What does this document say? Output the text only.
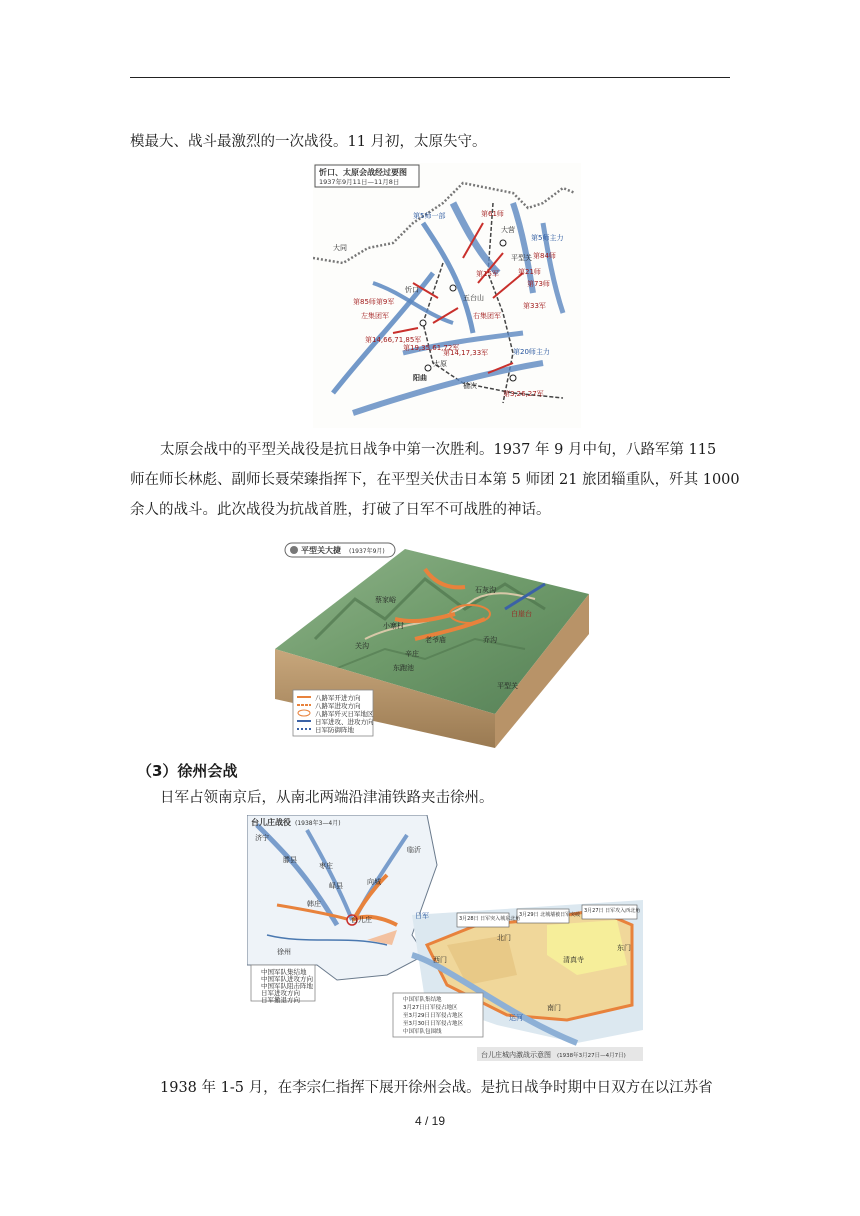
模最大、战斗最激烈的一次战役。11 月初，太原失守。
忻口、太原会战经过要图
1937年9月11日—11月8日
第5师一部	第61师
第5师主力
大营
平型关 第84师
第15军	第21师
第73师
第85师第9军	五台山
第33军
左集团军	右集团军
第14,66,71,85军
第19,35,61,72军
第14,17,33军	第20师主力
阳曲
第3,26,27军
忻口
太原
大同
榆次
太原会战中的平型关战役是抗日战争中第一次胜利。1937 年 9 月中旬，八路军第 115
师在师长林彪、副师长聂荣臻指挥下，在平型关伏击日本第 5 师团 21 旅团辎重队，歼其 1000
余人的战斗。此次战役为抗战首胜，打破了日军不可战胜的神话。
平型关大捷 (1937年9月)
蔡家峪
石灰沟
小寨村
老爷庙	乔沟
关沟
辛庄
东跑池
平型关
白崖台
八路军开进方向
八路军进攻方向
八路军歼灭日军地区
日军进攻、进攻方向
日军防御阵地
（3）徐州会战
日军占领南京后，从南北两端沿津浦铁路夹击徐州。
台儿庄战役 (1938年3—4月)
济宁
临沂
峄县
枣庄
台儿庄
徐州
韩庄
向城
滕县
中国军队集结地
中国军队进攻方向
中国军队阻击阵地
日军进攻方向
日军撤退方向
3月28日 日军突入城东北角
3月29日 北城墙被日军突破
3月27日 日军攻入西北角
日军
北门
西门
东门
南门
清真寺
运河
中国军队集结地
3月27日日军侵占地区
至3月29日日军侵占地区
至3月30日日军侵占地区
中国军队包围线
台儿庄城内激战示意图 (1938年3月27日—4月7日)
1938 年 1-5 月，在李宗仁指挥下展开徐州会战。是抗日战争时期中日双方在以江苏省
4 / 19
